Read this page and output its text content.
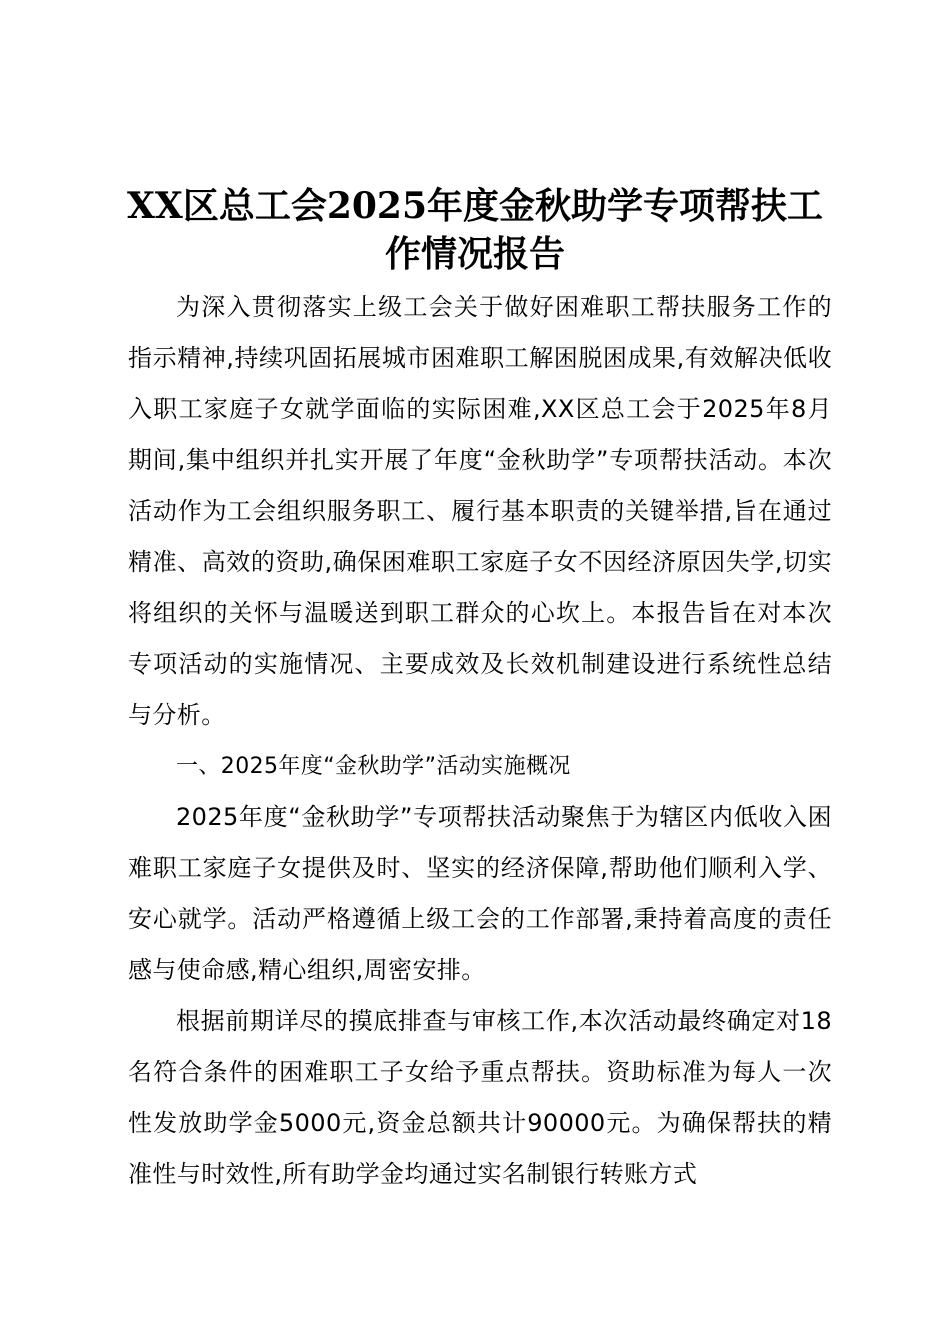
XX区总工会2025年度金秋助学专项帮扶工作情况报告

为深入贯彻落实上级工会关于做好困难职工帮扶服务工作的指示精神,持续巩固拓展城市困难职工解困脱困成果,有效解决低收入职工家庭子女就学面临的实际困难,XX区总工会于2025年8月期间,集中组织并扎实开展了年度“金秋助学”专项帮扶活动。本次活动作为工会组织服务职工、履行基本职责的关键举措,旨在通过精准、高效的资助,确保困难职工家庭子女不因经济原因失学,切实将组织的关怀与温暖送到职工群众的心坎上。本报告旨在对本次专项活动的实施情况、主要成效及长效机制建设进行系统性总结与分析。

一、2025年度“金秋助学”活动实施概况

2025年度“金秋助学”专项帮扶活动聚焦于为辖区内低收入困难职工家庭子女提供及时、坚实的经济保障,帮助他们顺利入学、安心就学。活动严格遵循上级工会的工作部署,秉持着高度的责任感与使命感,精心组织,周密安排。

根据前期详尽的摸底排查与审核工作,本次活动最终确定对18名符合条件的困难职工子女给予重点帮扶。资助标准为每人一次性发放助学金5000元,资金总额共计90000元。为确保帮扶的精准性与时效性,所有助学金均通过实名制银行转账方式
